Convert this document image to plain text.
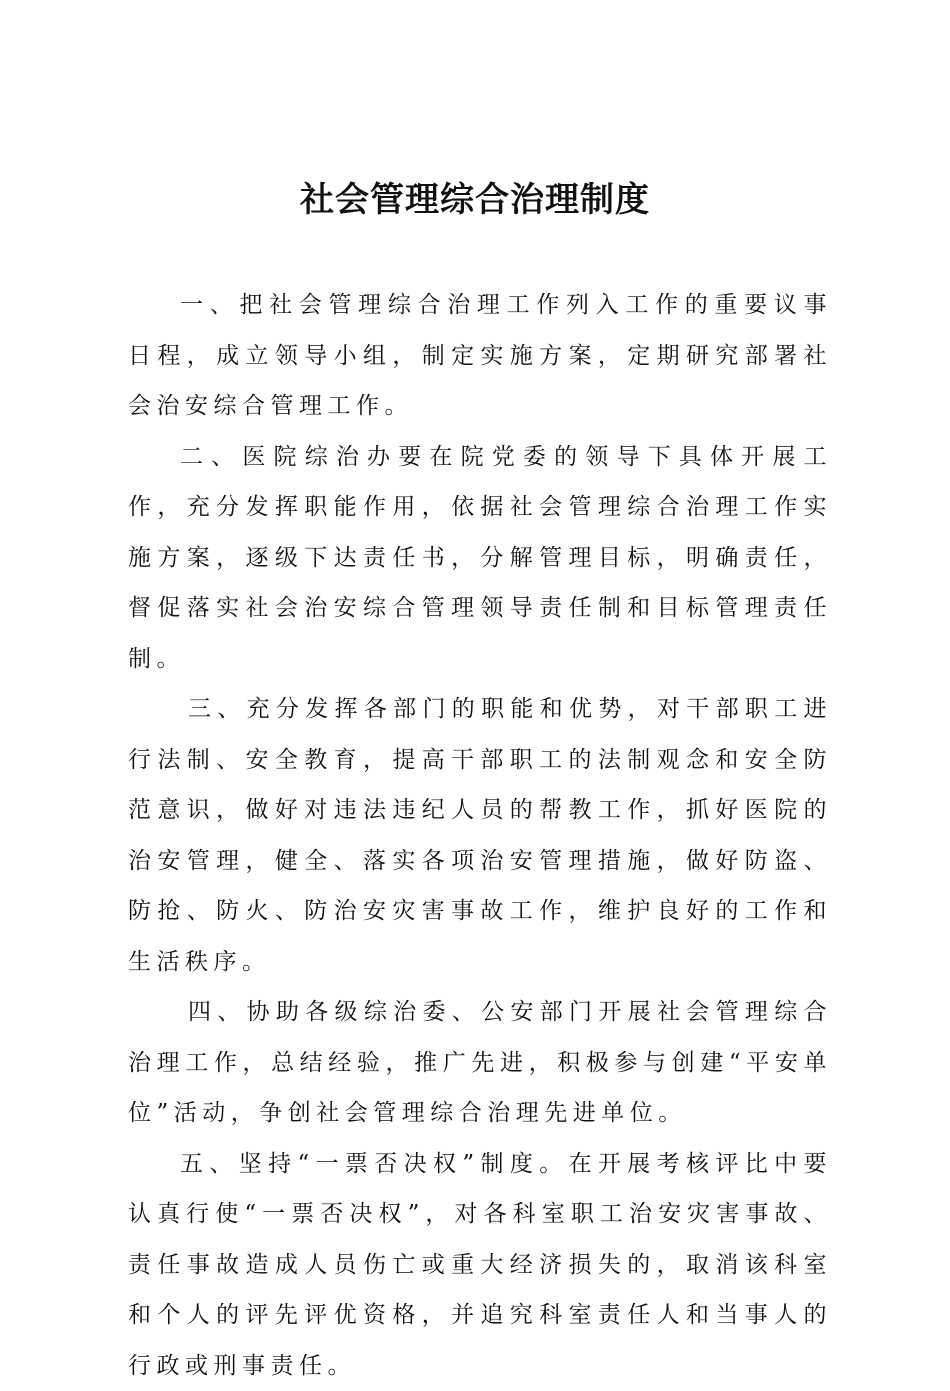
社会管理综合治理制度

一、把社会管理综合治理工作列入工作的重要议事日程，成立领导小组，制定实施方案，定期研究部署社会治安综合管理工作。

二、医院综治办要在院党委的领导下具体开展工作，充分发挥职能作用，依据社会管理综合治理工作实施方案，逐级下达责任书，分解管理目标，明确责任，督促落实社会治安综合管理领导责任制和目标管理责任制。

三、充分发挥各部门的职能和优势，对干部职工进行法制、安全教育，提高干部职工的法制观念和安全防范意识，做好对违法违纪人员的帮教工作，抓好医院的治安管理，健全、落实各项治安管理措施，做好防盗、防抢、防火、防治安灾害事故工作，维护良好的工作和生活秩序。

四、协助各级综治委、公安部门开展社会管理综合治理工作，总结经验，推广先进，积极参与创建“平安单位”活动，争创社会管理综合治理先进单位。

五、坚持“一票否决权”制度。在开展考核评比中要认真行使“一票否决权”，对各科室职工治安灾害事故、责任事故造成人员伤亡或重大经济损失的，取消该科室和个人的评先评优资格，并追究科室责任人和当事人的行政或刑事责任。
